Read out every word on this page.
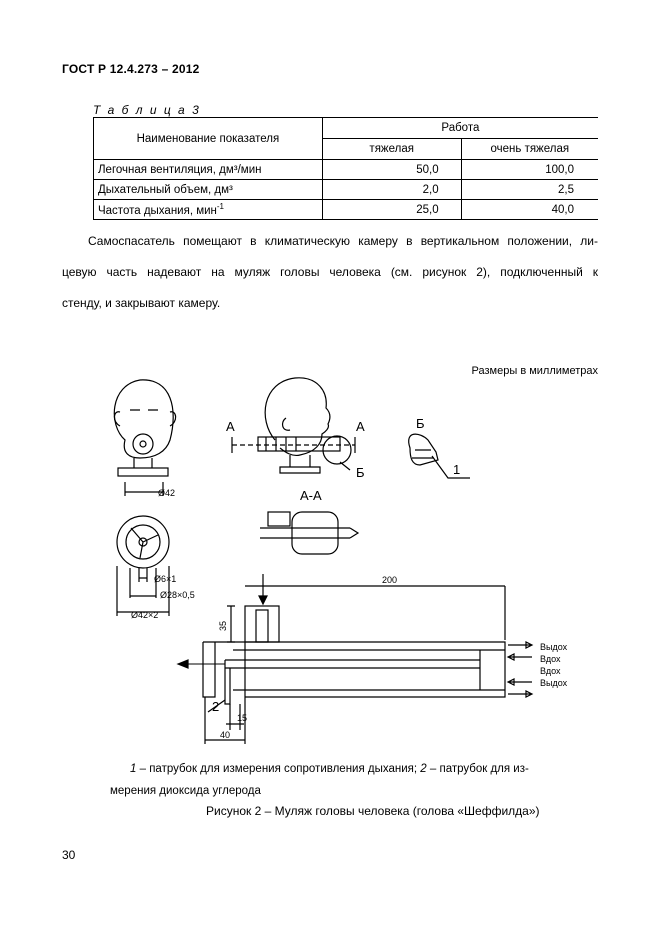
ГОСТ Р 12.4.273 – 2012
Т а б л и ц а 3
Наименование показателя	Работа	
	тяжелая	очень тяжелая
Легочная вентиляция, дм³/мин	50,0	100,0
Дыхательный объем, дм³	2,0	2,5
Частота дыхания, мин$^{-1}$	25,0	40,0
Самоспасатель помещают в климатическую камеру в вертикальном положении, ли-
цевую часть надевают на муляж головы человека (см. рисунок 2), подключенный к
стенду, и закрывают камеру.
Размеры в миллиметрах
А	А
Б
Б
1
А-А
2
Ø42
Ø6×1
Ø28×0,5
Ø42×2
200
35
15
40
Выдох
Вдох
Вдох
Выдох
1 – патрубок для измерения сопротивления дыхания; 2 – патрубок для из-
мерения диоксида углерода
Рисунок 2 – Муляж головы человека (голова «Шеффилда»)
30
